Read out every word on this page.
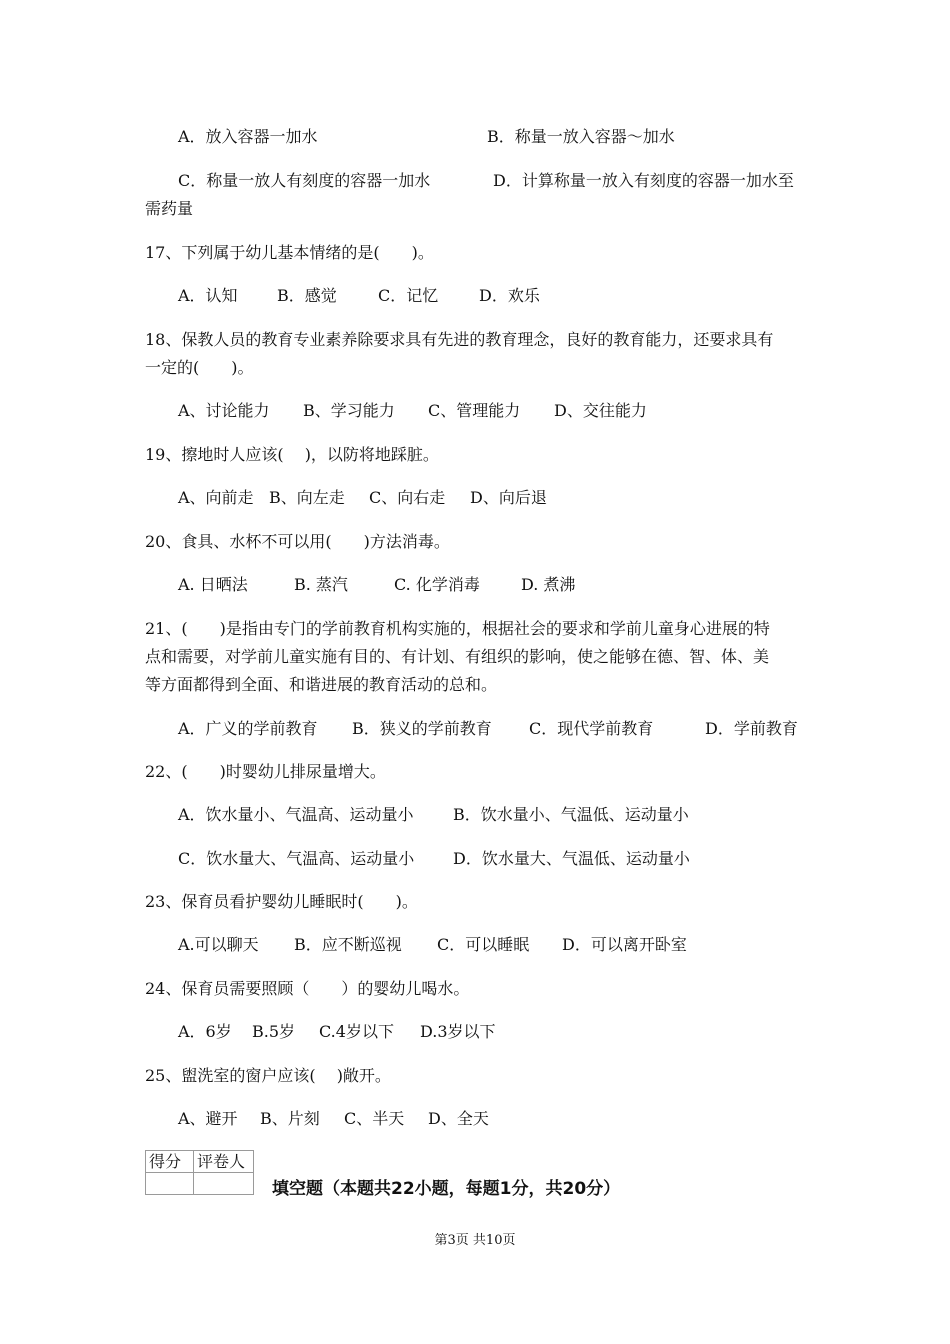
A．放入容器一加水	B．称量一放入容器～加水
C．称量一放人有刻度的容器一加水	D．计算称量一放入有刻度的容器一加水至
需药量
17、下列属于幼儿基本情绪的是(　　)。
A．认知 B．感觉	C．记忆	D．欢乐
18、保教人员的教育专业素养除要求具有先进的教育理念，良好的教育能力，还要求具有
一定的(　　)。
A、讨论能力 B、学习能力 C、管理能力 D、交往能力
19、擦地时人应该(　 )，以防将地踩脏。
A、向前走 B、向左走 C、向右走 D、向后退
20、食具、水杯不可以用(　　)方法消毒。
A. 日晒法	B. 蒸汽	C. 化学消毒	D. 煮沸
21、(　　)是指由专门的学前教育机构实施的，根据社会的要求和学前儿童身心进展的特
点和需要，对学前儿童实施有目的、有计划、有组织的影响，使之能够在德、智、体、美
等方面都得到全面、和谐进展的教育活动的总和。
A．广义的学前教育 B．狭义的学前教育 C．现代学前教育	D．学前教育
22、(　　)时婴幼儿排尿量增大。
A．饮水量小、气温高、运动量小 B．饮水量小、气温低、运动量小
C．饮水量大、气温高、运动量小 D．饮水量大、气温低、运动量小
23、保育员看护婴幼儿睡眠时(　　)。
A.可以聊天 B．应不断巡视 C．可以睡眠 D．可以离开卧室
24、保育员需要照顾（　　）的婴幼儿喝水。
A．6岁 B.5岁 C.4岁以下 D.3岁以下
25、盥洗室的窗户应该(　 )敞开。
A、避开 B、片刻 C、半天 D、全天
得分	评卷人

填空题（本题共22小题，每题1分，共20分）
第3页 共10页
